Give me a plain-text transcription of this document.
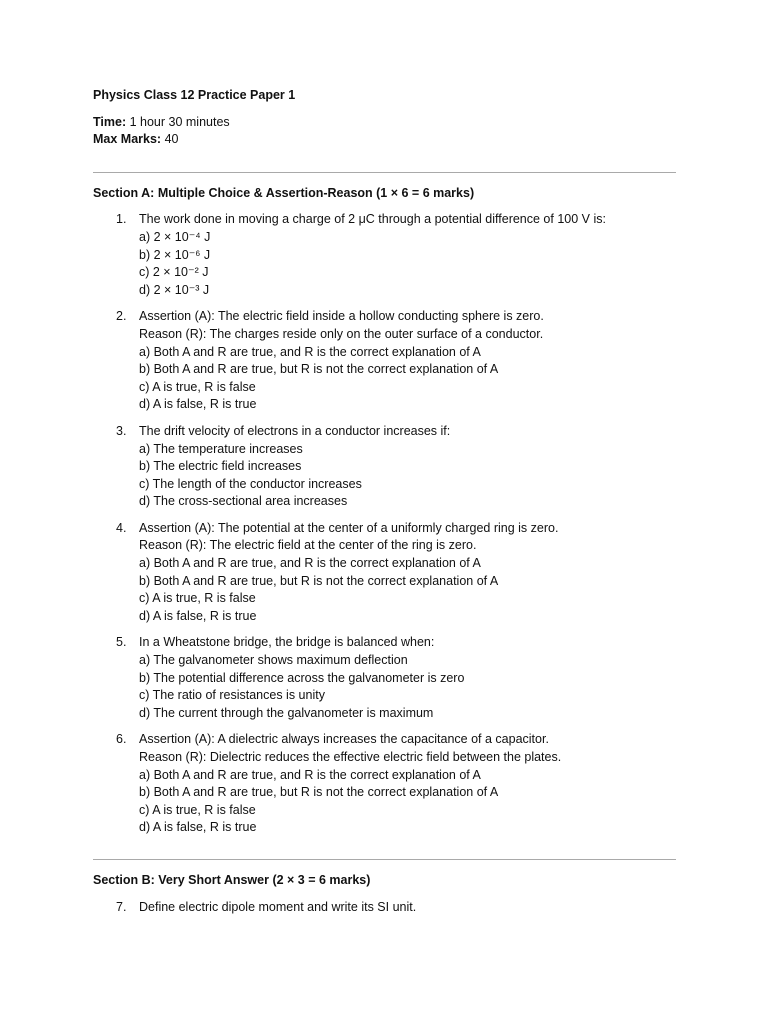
Physics Class 12 Practice Paper 1
Time: 1 hour 30 minutes
Max Marks: 40
Section A: Multiple Choice & Assertion-Reason (1 × 6 = 6 marks)
1. The work done in moving a charge of 2 μC through a potential difference of 100 V is:
a) 2 × 10⁻⁴ J
b) 2 × 10⁻⁶ J
c) 2 × 10⁻² J
d) 2 × 10⁻³ J
2. Assertion (A): The electric field inside a hollow conducting sphere is zero.
Reason (R): The charges reside only on the outer surface of a conductor.
a) Both A and R are true, and R is the correct explanation of A
b) Both A and R are true, but R is not the correct explanation of A
c) A is true, R is false
d) A is false, R is true
3. The drift velocity of electrons in a conductor increases if:
a) The temperature increases
b) The electric field increases
c) The length of the conductor increases
d) The cross-sectional area increases
4. Assertion (A): The potential at the center of a uniformly charged ring is zero.
Reason (R): The electric field at the center of the ring is zero.
a) Both A and R are true, and R is the correct explanation of A
b) Both A and R are true, but R is not the correct explanation of A
c) A is true, R is false
d) A is false, R is true
5. In a Wheatstone bridge, the bridge is balanced when:
a) The galvanometer shows maximum deflection
b) The potential difference across the galvanometer is zero
c) The ratio of resistances is unity
d) The current through the galvanometer is maximum
6. Assertion (A): A dielectric always increases the capacitance of a capacitor.
Reason (R): Dielectric reduces the effective electric field between the plates.
a) Both A and R are true, and R is the correct explanation of A
b) Both A and R are true, but R is not the correct explanation of A
c) A is true, R is false
d) A is false, R is true
Section B: Very Short Answer (2 × 3 = 6 marks)
7. Define electric dipole moment and write its SI unit.
